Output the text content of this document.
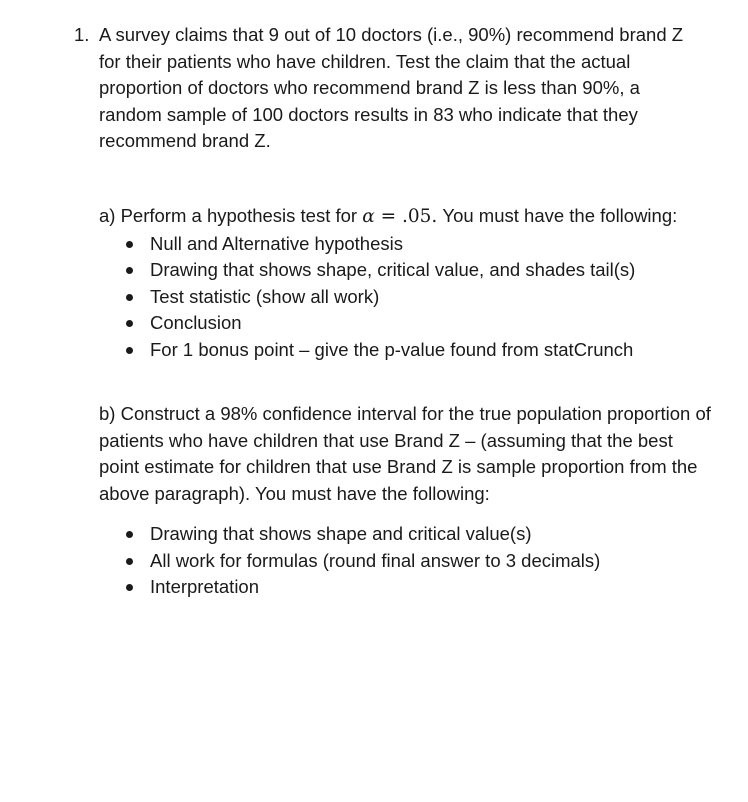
1. A survey claims that 9 out of 10 doctors (i.e., 90%) recommend brand Z for their patients who have children. Test the claim that the actual proportion of doctors who recommend brand Z is less than 90%, a random sample of 100 doctors results in 83 who indicate that they recommend brand Z.
a) Perform a hypothesis test for α = .05. You must have the following:
Null and Alternative hypothesis
Drawing that shows shape, critical value, and shades tail(s)
Test statistic (show all work)
Conclusion
For 1 bonus point – give the p-value found from statCrunch
b) Construct a 98% confidence interval for the true population proportion of patients who have children that use Brand Z – (assuming that the best point estimate for children that use Brand Z is sample proportion from the above paragraph). You must have the following:
Drawing that shows shape and critical value(s)
All work for formulas (round final answer to 3 decimals)
Interpretation
